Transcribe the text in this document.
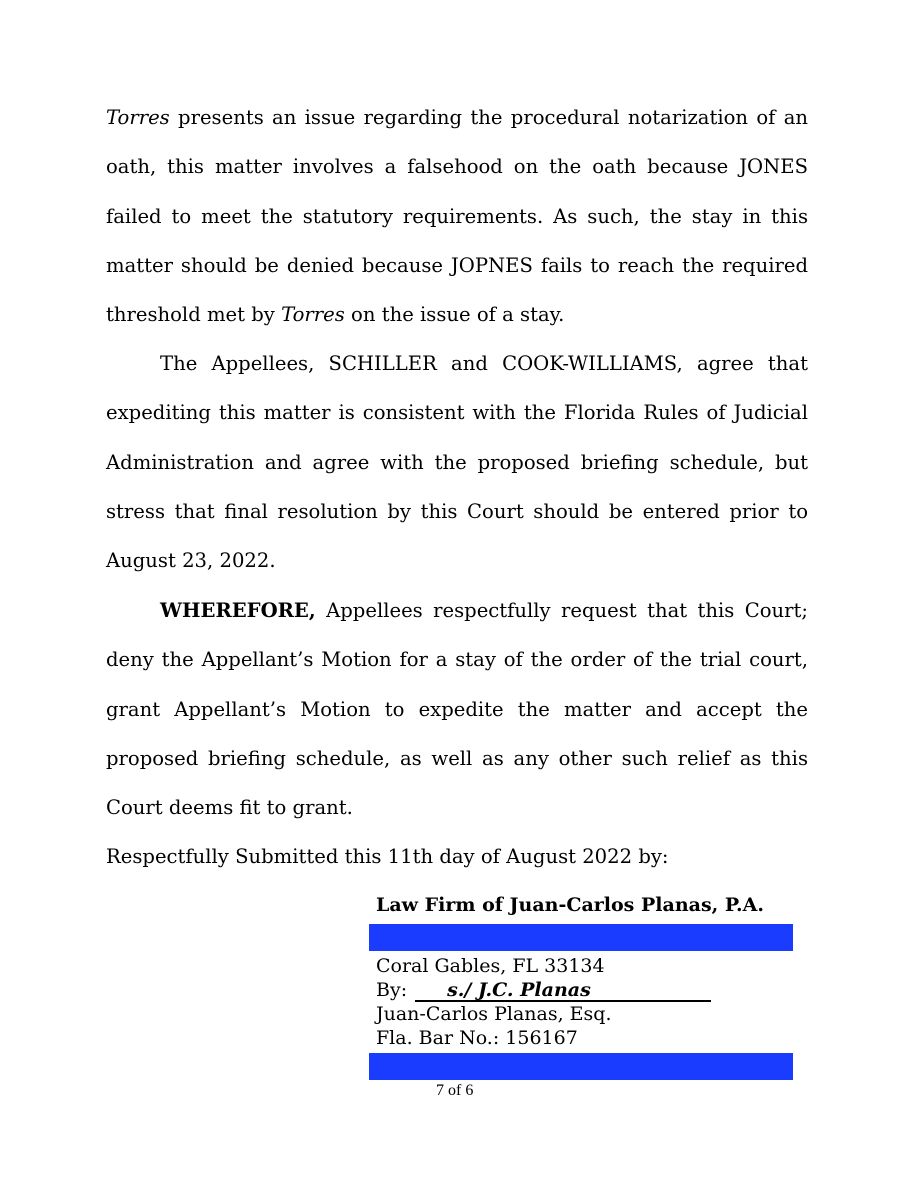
Torres presents an issue regarding the procedural notarization of an oath, this matter involves a falsehood on the oath because JONES failed to meet the statutory requirements. As such, the stay in this matter should be denied because JOPNES fails to reach the required threshold met by Torres on the issue of a stay.

The Appellees, SCHILLER and COOK-WILLIAMS, agree that expediting this matter is consistent with the Florida Rules of Judicial Administration and agree with the proposed briefing schedule, but stress that final resolution by this Court should be entered prior to August 23, 2022.

WHEREFORE, Appellees respectfully request that this Court; deny the Appellant’s Motion for a stay of the order of the trial court, grant Appellant’s Motion to expedite the matter and accept the proposed briefing schedule, as well as any other such relief as this Court deems fit to grant.

Respectfully Submitted this 11th day of August 2022 by:

Law Firm of Juan-Carlos Planas, P.A.
Coral Gables, FL 33134
By: s./ J.C. Planas
Juan-Carlos Planas, Esq.
Fla. Bar No.: 156167
7 of 6
